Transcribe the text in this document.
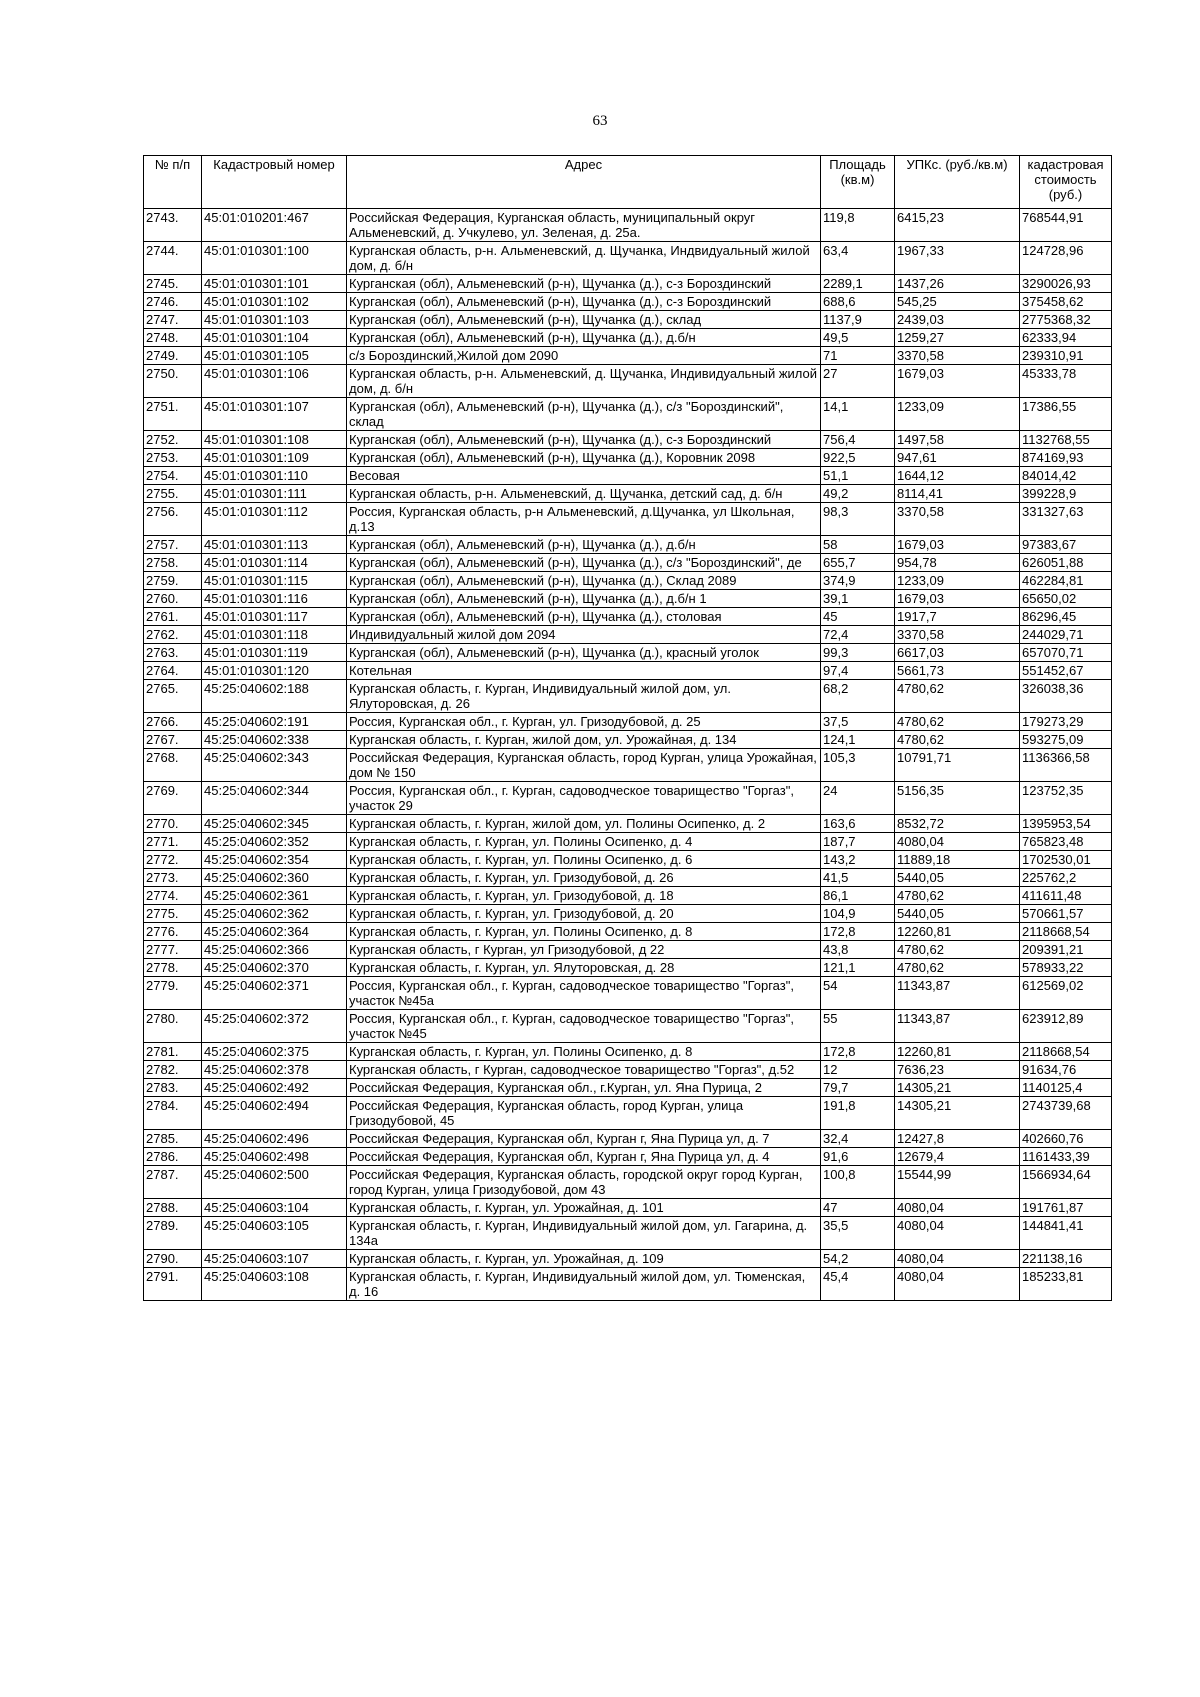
63
№ п/п	Кадастровый номер	Адрес	Площадь (кв.м)	УПКс. (руб./кв.м)	кадастровая стоимость (руб.)
2743.	45:01:010201:467	Российская Федерация, Курганская область, муниципальный округ Альменевский, д. Учкулево, ул. Зеленая, д. 25а.	119,8	6415,23	768544,91
2744.	45:01:010301:100	Курганская область, р-н. Альменевский, д. Щучанка, Индвидуальный жилой дом, д. б/н	63,4	1967,33	124728,96
2745.	45:01:010301:101	Курганская (обл), Альменевский (р-н), Щучанка (д.), с-з Бороздинский	2289,1	1437,26	3290026,93
2746.	45:01:010301:102	Курганская (обл), Альменевский (р-н), Щучанка (д.), с-з Бороздинский	688,6	545,25	375458,62
2747.	45:01:010301:103	Курганская (обл), Альменевский (р-н), Щучанка (д.), склад	1137,9	2439,03	2775368,32
2748.	45:01:010301:104	Курганская (обл), Альменевский (р-н), Щучанка (д.), д.б/н	49,5	1259,27	62333,94
2749.	45:01:010301:105	с/з Бороздинский,Жилой дом 2090	71	3370,58	239310,91
2750.	45:01:010301:106	Курганская область, р-н. Альменевский, д. Щучанка, Индивидуальный жилой дом, д. б/н	27	1679,03	45333,78
2751.	45:01:010301:107	Курганская (обл), Альменевский (р-н), Щучанка (д.), с/з "Бороздинский", склад	14,1	1233,09	17386,55
2752.	45:01:010301:108	Курганская (обл), Альменевский (р-н), Щучанка (д.), с-з Бороздинский	756,4	1497,58	1132768,55
2753.	45:01:010301:109	Курганская (обл), Альменевский (р-н), Щучанка (д.), Коровник 2098	922,5	947,61	874169,93
2754.	45:01:010301:110	Весовая	51,1	1644,12	84014,42
2755.	45:01:010301:111	Курганская область, р-н. Альменевский, д. Щучанка, детский сад, д. б/н	49,2	8114,41	399228,9
2756.	45:01:010301:112	Россия, Курганская область, р-н Альменевский, д.Щучанка, ул Школьная, д.13	98,3	3370,58	331327,63
2757.	45:01:010301:113	Курганская (обл), Альменевский (р-н), Щучанка (д.), д.б/н	58	1679,03	97383,67
2758.	45:01:010301:114	Курганская (обл), Альменевский (р-н), Щучанка (д.), с/з "Бороздинский", де	655,7	954,78	626051,88
2759.	45:01:010301:115	Курганская (обл), Альменевский (р-н), Щучанка (д.), Склад 2089	374,9	1233,09	462284,81
2760.	45:01:010301:116	Курганская (обл), Альменевский (р-н), Щучанка (д.), д.б/н 1	39,1	1679,03	65650,02
2761.	45:01:010301:117	Курганская (обл), Альменевский (р-н), Щучанка (д.), столовая	45	1917,7	86296,45
2762.	45:01:010301:118	Индивидуальный жилой дом 2094	72,4	3370,58	244029,71
2763.	45:01:010301:119	Курганская (обл), Альменевский (р-н), Щучанка (д.), красный уголок	99,3	6617,03	657070,71
2764.	45:01:010301:120	Котельная	97,4	5661,73	551452,67
2765.	45:25:040602:188	Курганская область, г. Курган, Индивидуальный жилой дом, ул. Ялуторовская, д. 26	68,2	4780,62	326038,36
2766.	45:25:040602:191	Россия, Курганская обл., г. Курган, ул. Гризодубовой, д. 25	37,5	4780,62	179273,29
2767.	45:25:040602:338	Курганская область, г. Курган, жилой дом, ул. Урожайная, д. 134	124,1	4780,62	593275,09
2768.	45:25:040602:343	Российская Федерация, Курганская область, город Курган, улица Урожайная, дом № 150	105,3	10791,71	1136366,58
2769.	45:25:040602:344	Россия, Курганская обл., г. Курган, садоводческое товарищество "Горгаз", участок 29	24	5156,35	123752,35
2770.	45:25:040602:345	Курганская область, г. Курган, жилой дом, ул. Полины Осипенко, д. 2	163,6	8532,72	1395953,54
2771.	45:25:040602:352	Курганская область, г. Курган, ул. Полины Осипенко, д. 4	187,7	4080,04	765823,48
2772.	45:25:040602:354	Курганская область, г. Курган, ул. Полины Осипенко, д. 6	143,2	11889,18	1702530,01
2773.	45:25:040602:360	Курганская область, г. Курган, ул. Гризодубовой, д. 26	41,5	5440,05	225762,2
2774.	45:25:040602:361	Курганская область, г. Курган, ул. Гризодубовой, д. 18	86,1	4780,62	411611,48
2775.	45:25:040602:362	Курганская область, г. Курган, ул. Гризодубовой, д. 20	104,9	5440,05	570661,57
2776.	45:25:040602:364	Курганская область, г. Курган, ул. Полины Осипенко, д. 8	172,8	12260,81	2118668,54
2777.	45:25:040602:366	Курганская область, г Курган, ул Гризодубовой, д 22	43,8	4780,62	209391,21
2778.	45:25:040602:370	Курганская область, г. Курган, ул. Ялуторовская, д. 28	121,1	4780,62	578933,22
2779.	45:25:040602:371	Россия, Курганская обл., г. Курган, садоводческое товарищество "Горгаз", участок №45а	54	11343,87	612569,02
2780.	45:25:040602:372	Россия, Курганская обл., г. Курган, садоводческое товарищество "Горгаз", участок №45	55	11343,87	623912,89
2781.	45:25:040602:375	Курганская область, г. Курган, ул. Полины Осипенко, д. 8	172,8	12260,81	2118668,54
2782.	45:25:040602:378	Курганская область, г Курган, садоводческое товарищество "Горгаз", д.52	12	7636,23	91634,76
2783.	45:25:040602:492	Российская Федерация, Курганская обл., г.Курган, ул. Яна Пурица, 2	79,7	14305,21	1140125,4
2784.	45:25:040602:494	Российская Федерация, Курганская область, город Курган, улица Гризодубовой, 45	191,8	14305,21	2743739,68
2785.	45:25:040602:496	Российская Федерация, Курганская обл, Курган г, Яна Пурица ул, д. 7	32,4	12427,8	402660,76
2786.	45:25:040602:498	Российская Федерация, Курганская обл, Курган г, Яна Пурица ул, д. 4	91,6	12679,4	1161433,39
2787.	45:25:040602:500	Российская Федерация, Курганская область, городской округ город Курган, город Курган, улица Гризодубовой, дом 43	100,8	15544,99	1566934,64
2788.	45:25:040603:104	Курганская область, г. Курган, ул. Урожайная, д. 101	47	4080,04	191761,87
2789.	45:25:040603:105	Курганская область, г. Курган, Индивидуальный жилой дом, ул. Гагарина, д. 134а	35,5	4080,04	144841,41
2790.	45:25:040603:107	Курганская область, г. Курган, ул. Урожайная, д. 109	54,2	4080,04	221138,16
2791.	45:25:040603:108	Курганская область, г. Курган, Индивидуальный жилой дом, ул. Тюменская, д. 16	45,4	4080,04	185233,81
